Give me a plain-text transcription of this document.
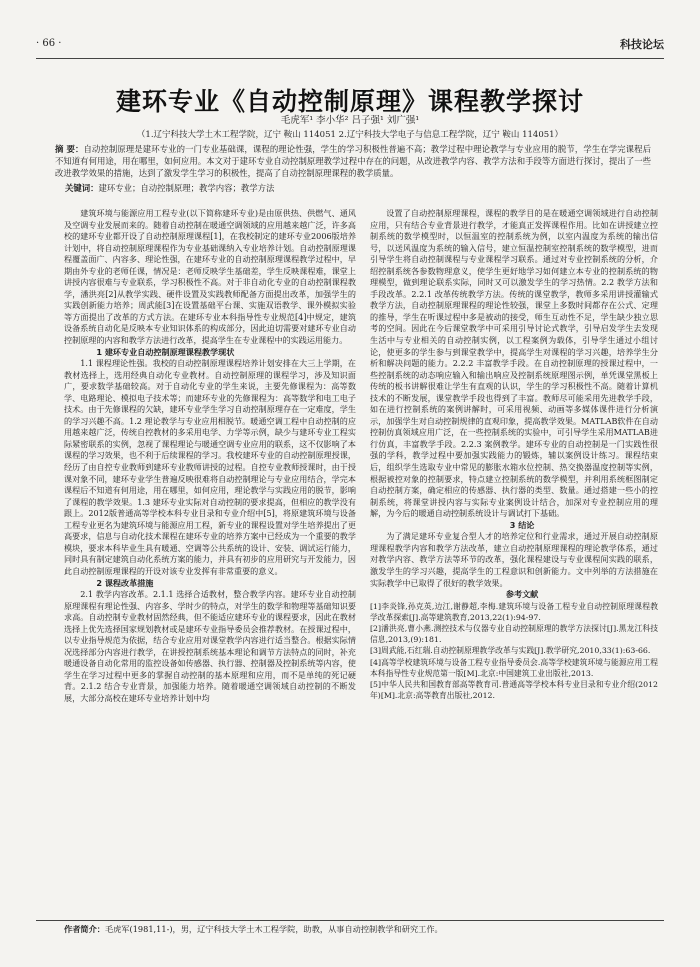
· 66 ·	科技论坛
建环专业《自动控制原理》课程教学探讨
毛虎军¹ 李小华² 吕子强¹ 刘广强¹
（1.辽宁科技大学土木工程学院，辽宁 鞍山 114051 2.辽宁科技大学电子与信息工程学院，辽宁 鞍山 114051）
摘 要：自动控制原理是建环专业的一门专业基础课，课程的理论性强，学生的学习积极性普遍不高；教学过程中理论教学与专业应用的脱节，学生在学完课程后不知道有何用途，用在哪里，如何应用。本文对于建环专业自动控制原理教学过程中存在的问题，从改进教学内容、教学方法和手段等方面进行探讨，提出了一些改进教学效果的措施，达到了激发学生学习的积极性，提高了自动控制原理课程的教学质量。
关键词：建环专业；自动控制原理；教学内容；教学方法

建筑环境与能源应用工程专业(以下简称建环专业)是由原供热、供燃气、通风及空调专业发展而来的。随着自动控制在暖通空调领域的应用越来越广泛，许多高校的建环专业都开设了自动控制原理课程[1]，在我校制定的建环专业2006版培养计划中，将自动控制原理课程作为专业基础课纳入专业培养计划。自动控制原理课程覆盖面广、内容多、理论性强，在建环专业的自动控制原理课程教学过程中，早期由外专业的老师任课，情况是：老师反映学生基础差，学生反映课程难，课堂上讲授内容很难与专业联系，学习积极性不高。对于非自动化专业的自动控制课程教学，潘洪亮[2]从教学实践、硬件设置及实践教师配备方面提出改革，加强学生的实践创新能力培养；周武能[3]在设置基础平台课、实施双语教学、课外模拟实验等方面提出了改革的方式方法。在建环专业本科指导性专业规范[4]中规定，建筑设备系统自动化是反映本专业知识体系的构成部分，因此迫切需要对建环专业自动控制原理的内容和教学方法进行改革，提高学生在专业课程中的实践运用能力。

1 建环专业自动控制原理课程教学现状

1.1 课程理论性强。我校的自动控制原理课程培养计划安排在大三上学期，在教材选择上，选用经典自动化专业教材。自动控制原理的课程学习，涉及知识面广，要求数学基础较高。对于自动化专业的学生来说，主要先修课程为：高等数学、电路理论、模拟电子技术等；而建环专业的先修课程为：高等数学和电工电子技术。由于先修课程的欠缺，建环专业学生学习自动控制原理存在一定难度，学生的学习兴趣不高。1.2 理论教学与专业应用相脱节。暖通空调工程中自动控制的应用越来越广泛，传统自控教材的多采用电学、力学等示例，缺少与建环专业工程实际紧密联系的实例，忽视了课程理论与暖通空调专业应用的联系，这不仅影响了本课程的学习效果，也不利于后续课程的学习。我校建环专业的自动控制原理授课，经历了由自控专业教师到建环专业教师讲授的过程。自控专业教师授课时，由于授课对象不同，建环专业学生普遍反映很难将自动控制理论与专业应用结合，学完本课程后不知道有何用途，用在哪里，如何应用，理论教学与实践应用的脱节，影响了课程的教学效果。1.3 建环专业实际对自动控制的要求提高，但相应的教学没有跟上。2012版普通高等学校本科专业目录和专业介绍中[5]，将原建筑环境与设备工程专业更名为建筑环境与能源应用工程，新专业的课程设置对学生培养提出了更高要求，信息与自动化技术课程在建环专业的培养方案中已经成为一个重要的教学模块，要求本科毕业生具有暖通、空调等公共系统的设计、安装、调试运行能力，同时具有制定建筑自动化系统方案的能力，并具有初步的应用研究与开发能力，因此自动控制原理课程的开设对该专业发挥有非常重要的意义。

2 课程改革措施

2.1 教学内容改革。2.1.1 选择合适教材，整合教学内容。建环专业自动控制原理课程有理论性强、内容多、学时少的特点，对学生的数学和物理等基础知识要求高。自动控制专业教材固然经典，但不能适应建环专业的课程要求，因此在教材选择上优先选择国家规划教材或是建环专业指导委员会推荐教材。在授课过程中，以专业指导规范为依据，结合专业应用对课堂教学内容进行适当整合。根据实际情况选择部分内容进行教学，在讲授控制系统基本理论和调节方法特点的同时，补充暖通设备自动化常用的监控设备如传感器、执行器、控制器及控制系统等内容，使学生在学习过程中更多的掌握自动控制的基本原理和应用，而不是单纯的死记硬背。2.1.2 结合专业背景，加强能力培养。随着暖通空调领域自动控制的不断发展，大部分高校在建环专业培养计划中均

设置了自动控制原理课程，课程的教学目的是在暖通空调领域进行自动控制应用，只有结合专业背景进行教学，才能真正发挥课程作用。比如在讲授建立控制系统的数学模型时，以恒温室的控制系统为例，以室内温度为系统的输出信号，以送风温度为系统的输入信号，建立恒温控制室控制系统的数学模型，进而引导学生将自动控制课程与专业课程学习联系。通过对专业控制系统的分析，介绍控制系统各参数物理意义，使学生更好地学习如何建立本专业的控制系统的物理模型，做到理论联系实际，同时又可以激发学生的学习热情。2.2 教学方法和手段改革。2.2.1 改革传统教学方法。传统的课堂教学，教师多采用讲授灌输式教学方法，自动控制原理课程的理论性较强，课堂上多数时间都存在公式、定理的推导，学生在听课过程中多是被动的接受，师生互动性不足，学生缺少独立思考的空间。因此在今后课堂教学中可采用引导讨论式教学，引导启发学生去发现生活中与专业相关的自动控制实例，以工程案例为载体，引导学生通过小组讨论，使更多的学生参与到课堂教学中，提高学生对课程的学习兴趣，培养学生分析和解决问题的能力。2.2.2 丰富教学手段。在自动控制原理的授课过程中，一些控制系统的动态响应输入和输出响应及控制系统原理图示例，单凭课堂黑板上传统的板书讲解很难让学生有直观的认识，学生的学习积极性不高。随着计算机技术的不断发展，课堂教学手段也得到了丰富。教师尽可能采用先进教学手段，如在进行控制系统的案例讲解时，可采用视频、动画等多媒体课件进行分析演示，加强学生对自动控制规律的直观印象，提高教学效果。MATLAB软件在自动控制仿真领域应用广泛，在一些控制系统的实验中，可引导学生采用MATLAB进行仿真，丰富教学手段。2.2.3 案例教学。建环专业的自动控制是一门实践性很强的学科，教学过程中要加强实践能力的锻炼，辅以案例设计练习。课程结束后，组织学生选取专业中常见的膨胀水箱水位控制、热交换器温度控制等实例，根据被控对象的控制要求，特点建立控制系统的数学模型，并利用系统框图制定自动控制方案，确定相应的传感器、执行器的类型、数量。通过搭建一些小的控制系统，将课堂讲授内容与实际专业案例设计结合，加深对专业控制应用的理解，为今后的暖通自动控制系统设计与调试打下基础。

3 结论

为了满足建环专业复合型人才的培养定位和行业需求，通过开展自动控制原理课程教学内容和教学方法改革，建立自动控制原理课程的理论教学体系，通过对教学内容、教学方法等环节的改革，强化课程建设与专业课程间实践的联系，激发学生的学习兴趣，提高学生的工程意识和创新能力。文中列举的方法措施在实际教学中已取得了很好的教学效果。

参考文献

[1]李炎锋,孙克英,边江,谢静超,李梅.建筑环境与设备工程专业自动控制原理课程教学改革探索[J].高等建筑教育,2013,22(1):94-97.
[2]潘洪亮,曹小燕.测控技术与仪器专业自动控制原理的教学方法探讨[J].黑龙江科技信息,2013,(9):181.
[3]周武能,石红瑞.自动控制原理教学改革与实践[J].教学研究,2010,33(1):63-66.
[4]高等学校建筑环境与设备工程专业指导委员会.高等学校建筑环境与能源应用工程本科指导性专业规范第一版[M].北京:中国建筑工业出版社,2013.
[5]中华人民共和国教育部高等教育司.普通高等学校本科专业目录和专业介绍(2012年)[M].北京:高等教育出版社,2012.
作者简介：毛虎军(1981,11-)，男，辽宁科技大学土木工程学院，助教，从事自动控制教学和研究工作。
